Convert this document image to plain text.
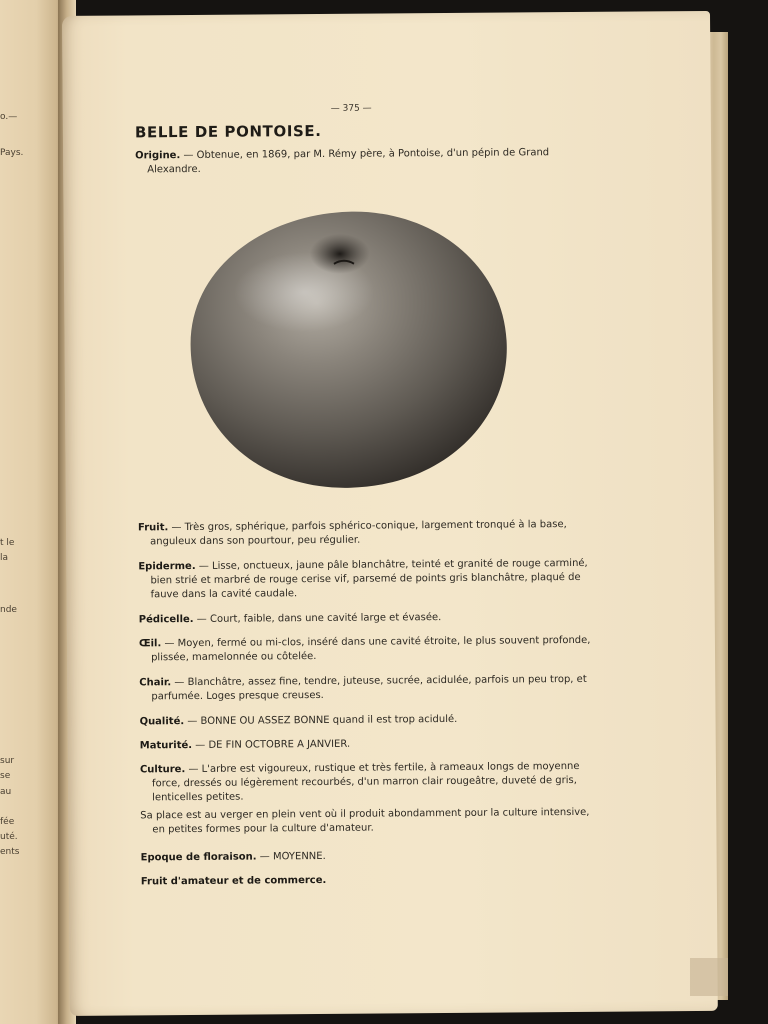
o.—
Pays.
t le
la
nde
sur
se
au
fée
uté.
ents
— 375 —
BELLE DE PONTOISE.
Origine. — Obtenue, en 1869, par M. Rémy père, à Pontoise, d'un pépin de Grand Alexandre.
Fruit. — Très gros, sphérique, parfois sphérico-conique, largement tronqué à la base, anguleux dans son pourtour, peu régulier.
Epiderme. — Lisse, onctueux, jaune pâle blanchâtre, teinté et granité de rouge carminé, bien strié et marbré de rouge cerise vif, parsemé de points gris blanchâtre, plaqué de fauve dans la cavité caudale.
Pédicelle. — Court, faible, dans une cavité large et évasée.
Œil. — Moyen, fermé ou mi-clos, inséré dans une cavité étroite, le plus souvent profonde, plissée, mamelonnée ou côtelée.
Chair. — Blanchâtre, assez fine, tendre, juteuse, sucrée, acidulée, parfois un peu trop, et parfumée. Loges presque creuses.
Qualité. — BONNE OU ASSEZ BONNE quand il est trop acidulé.
Maturité. — DE FIN OCTOBRE A JANVIER.
Culture. — L'arbre est vigoureux, rustique et très fertile, à rameaux longs de moyenne force, dressés ou légèrement recourbés, d'un marron clair rougeâtre, duveté de gris, lenticelles petites.
Sa place est au verger en plein vent où il produit abondamment pour la culture intensive, en petites formes pour la culture d'amateur.
Epoque de floraison. — MOYENNE.
Fruit d'amateur et de commerce.
